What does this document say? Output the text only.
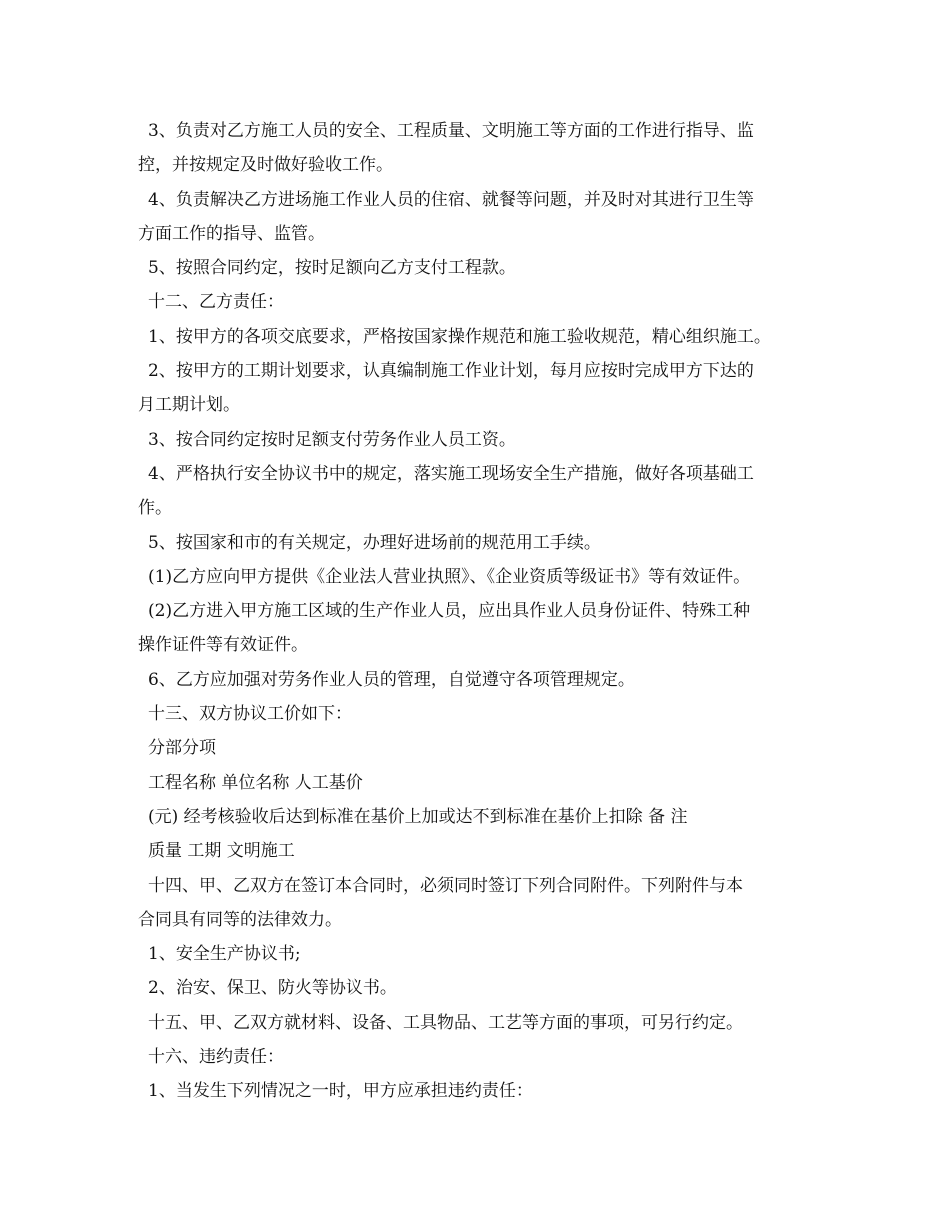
3、负责对乙方施工人员的安全、工程质量、文明施工等方面的工作进行指导、监
控，并按规定及时做好验收工作。
4、负责解决乙方进场施工作业人员的住宿、就餐等问题，并及时对其进行卫生等
方面工作的指导、监管。
5、按照合同约定，按时足额向乙方支付工程款。
十二、乙方责任：
1、按甲方的各项交底要求，严格按国家操作规范和施工验收规范，精心组织施工。
2、按甲方的工期计划要求，认真编制施工作业计划，每月应按时完成甲方下达的
月工期计划。
3、按合同约定按时足额支付劳务作业人员工资。
4、严格执行安全协议书中的规定，落实施工现场安全生产措施，做好各项基础工
作。
5、按国家和市的有关规定，办理好进场前的规范用工手续。
(1)乙方应向甲方提供《企业法人营业执照》、《企业资质等级证书》等有效证件。
(2)乙方进入甲方施工区域的生产作业人员，应出具作业人员身份证件、特殊工种
操作证件等有效证件。
6、乙方应加强对劳务作业人员的管理，自觉遵守各项管理规定。
十三、双方协议工价如下：
分部分项
工程名称 单位名称 人工基价
(元) 经考核验收后达到标准在基价上加或达不到标准在基价上扣除 备 注
质量 工期 文明施工
十四、甲、乙双方在签订本合同时，必须同时签订下列合同附件。下列附件与本
合同具有同等的法律效力。
1、安全生产协议书;
2、治安、保卫、防火等协议书。
十五、甲、乙双方就材料、设备、工具物品、工艺等方面的事项，可另行约定。
十六、违约责任：
1、当发生下列情况之一时，甲方应承担违约责任：
